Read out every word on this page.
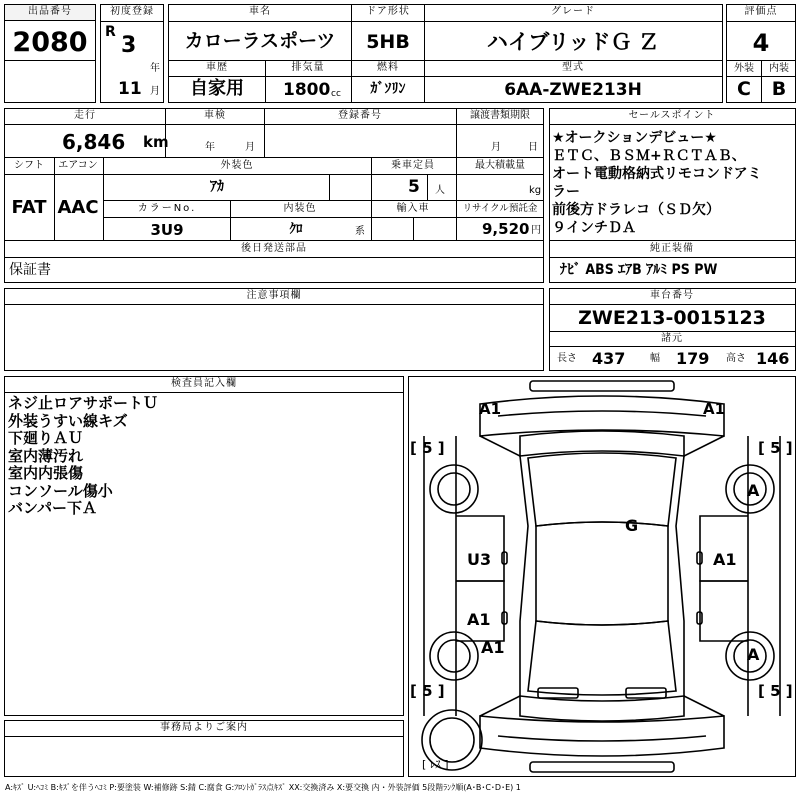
出品番号
2080
初度登録
R
3
年
11 月
車名
カローラスポーツ
ドア形状
5HB
グレード
ハイブリッドＧ Ｚ
評価点
4
車歴
自家用
排気量
1800 cc
燃料
ｶﾞｿﾘﾝ
型式
6AA-ZWE213H
外装 内装
C B
走行
6,846 km
車検
年	月
登録番号	譲渡書類期限
月	日
セールスポイント
★オークションデビュー★
ＥＴＣ、ＢＳＭ+ＲＣＴＡＢ、
オート電動格納式リモコンドアミ
ラー
前後方ドラレコ（ＳＤ欠）
９インチＤＡ
シフト エアコン
FAT AAC
外装色	乗車定員	最大積載量
ｱｶ	5 人	kg
カラーNo.	内装色	輸入車	リサイクル預託金
3U9	ｸﾛ	系	9,520 円
後日発送部品
保証書
純正装備
ﾅﾋﾞ ABS ｴｱB ｱﾙﾐ PS PW
注意事項欄	車台番号
ZWE213-0015123
諸元
長さ 437 幅 179 高さ 146
検査員記入欄
ネジ止ロアサポートＵ
外装うすい線キズ
下廻りＡＵ
室内薄汚れ
室内内張傷
コンソール傷小
バンパー下Ａ
事務局よりご案内
A1	A1
[ 5 ]	[ 5 ]
A
G
U3	A1
A1
A1	A
[ 5 ]	[ 5 ]
[ ﾚｽ ]
A:ｷｽﾞ U:ﾍｺﾐ B:ｷｽﾞを伴うﾍｺﾐ P:要塗装 W:補修跡 S:錆 C:腐食 G:ﾌﾛﾝﾄｶﾞﾗｽ点ｷｽﾞ XX:交換済み X:要交換 内・外装評価 5段階ﾗﾝｸ順(A･B･C･D･E) 1
